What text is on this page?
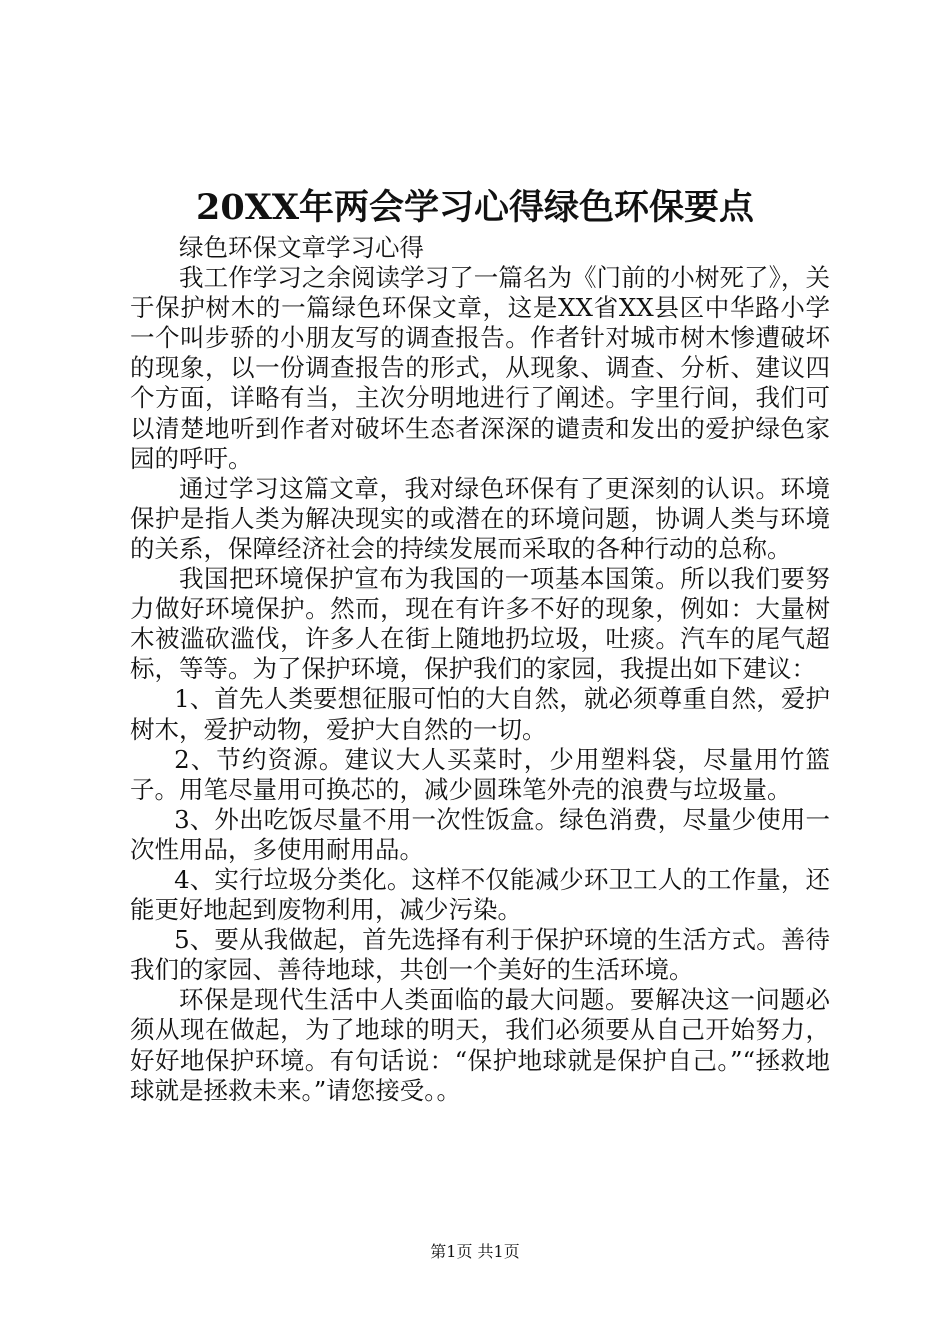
20XX年两会学习心得绿色环保要点

绿色环保文章学习心得

我工作学习之余阅读学习了一篇名为《门前的小树死了》，关于保护树木的一篇绿色环保文章，这是XX省XX县区中华路小学一个叫步骄的小朋友写的调查报告。作者针对城市树木惨遭破坏的现象，以一份调查报告的形式，从现象、调查、分析、建议四个方面，详略有当，主次分明地进行了阐述。字里行间，我们可以清楚地听到作者对破坏生态者深深的谴责和发出的爱护绿色家园的呼吁。

通过学习这篇文章，我对绿色环保有了更深刻的认识。环境保护是指人类为解决现实的或潜在的环境问题，协调人类与环境的关系，保障经济社会的持续发展而采取的各种行动的总称。

我国把环境保护宣布为我国的一项基本国策。所以我们要努力做好环境保护。然而，现在有许多不好的现象，例如：大量树木被滥砍滥伐，许多人在街上随地扔垃圾，吐痰。汽车的尾气超标，等等。为了保护环境，保护我们的家园，我提出如下建议：

1、首先人类要想征服可怕的大自然，就必须尊重自然，爱护树木，爱护动物，爱护大自然的一切。

2、节约资源。建议大人买菜时，少用塑料袋，尽量用竹篮子。用笔尽量用可换芯的，减少圆珠笔外壳的浪费与垃圾量。

3、外出吃饭尽量不用一次性饭盒。绿色消费，尽量少使用一次性用品，多使用耐用品。

4、实行垃圾分类化。这样不仅能减少环卫工人的工作量，还能更好地起到废物利用，减少污染。

5、要从我做起，首先选择有利于保护环境的生活方式。善待我们的家园、善待地球，共创一个美好的生活环境。

环保是现代生活中人类面临的最大问题。要解决这一问题必须从现在做起，为了地球的明天，我们必须要从自己开始努力，好好地保护环境。有句话说：“保护地球就是保护自己。”“拯救地球就是拯救未来。”请您接受。。

第1页 共1页
